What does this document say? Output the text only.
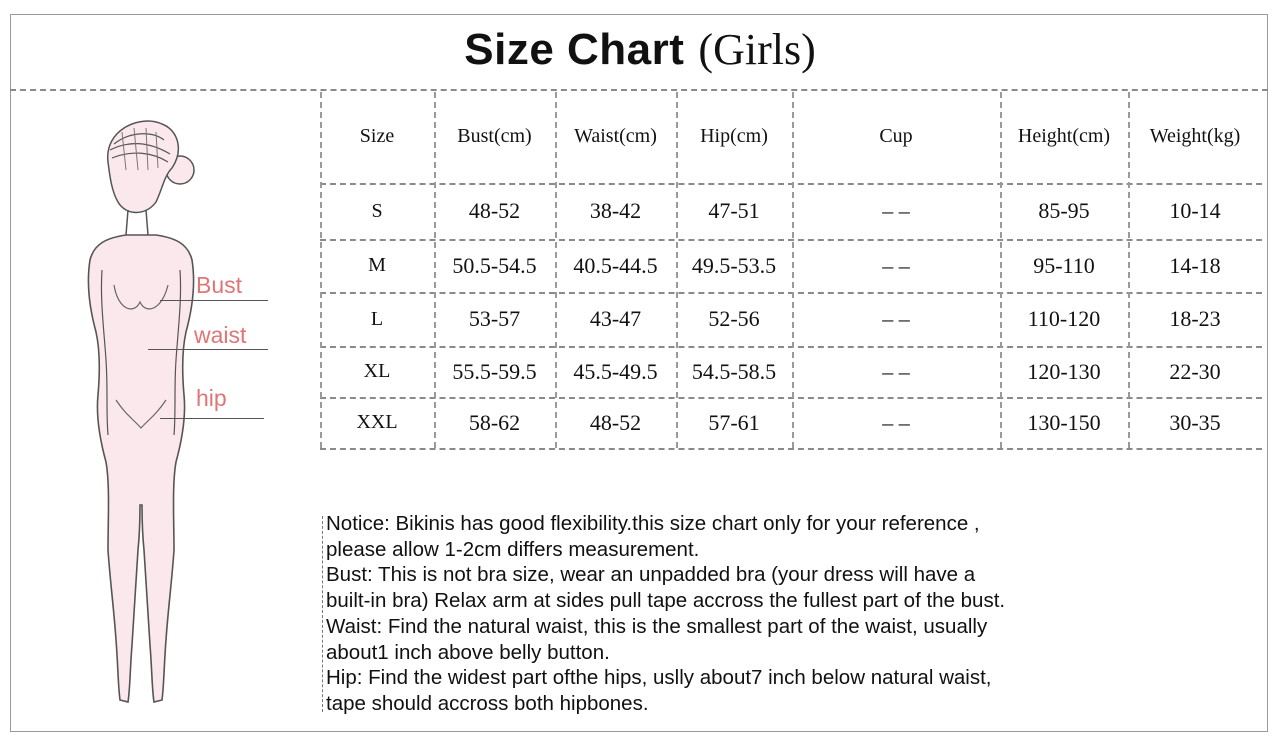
Size Chart (Girls)
Size	Bust(cm)	Waist(cm)	Hip(cm)	Cup	Height(cm)	Weight(kg)
S	48-52	38-42	47-51	– –	85-95	10-14
M	50.5-54.5	40.5-44.5	49.5-53.5	– –	95-110	14-18
L	53-57	43-47	52-56	– –	110-120	18-23
XL	55.5-59.5	45.5-49.5	54.5-58.5	– –	120-130	22-30
XXL	58-62	48-52	57-61	– –	130-150	30-35
Bust
waist
hip
Notice: Bikinis has good flexibility.this size chart only for your reference ,
please allow 1-2cm differs measurement.
Bust: This is not bra size, wear an unpadded bra (your dress will have a
built-in bra) Relax arm at sides pull tape accross the fullest part of the bust.
Waist: Find the natural waist, this is the smallest part of the waist, usually
about1 inch above belly button.
Hip: Find the widest part ofthe hips, uslly about7 inch below natural waist,
tape should accross both hipbones.
